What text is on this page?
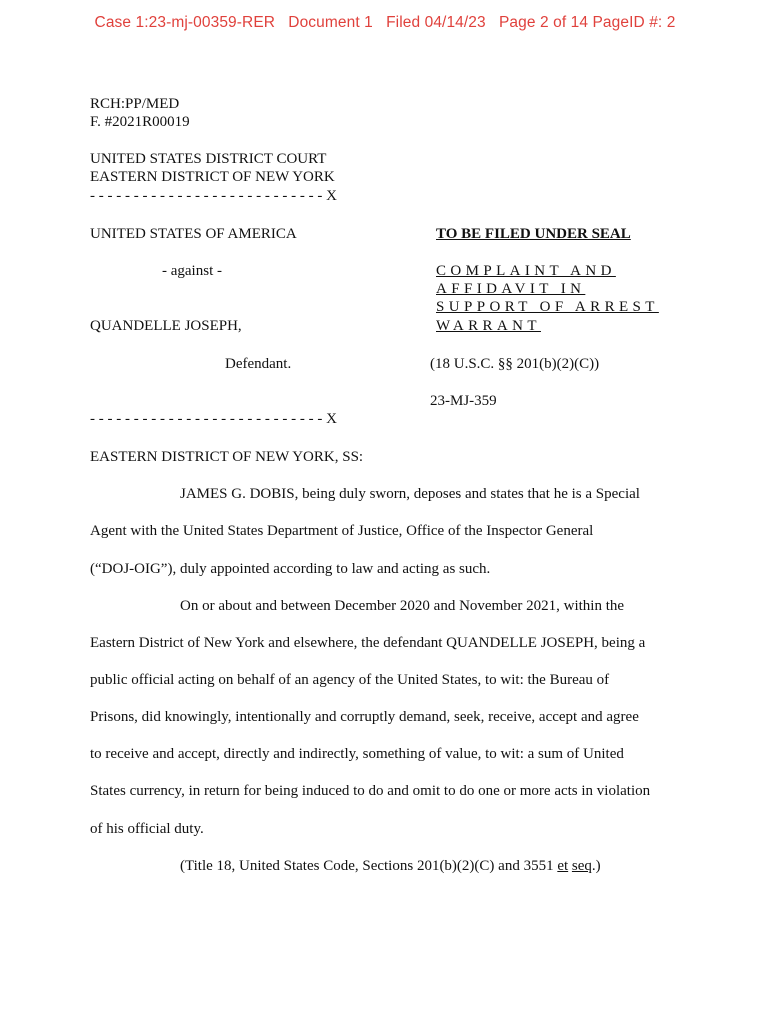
Case 1:23-mj-00359-RER Document 1 Filed 04/14/23 Page 2 of 14 PageID #: 2
RCH:PP/MED
F. #2021R00019
UNITED STATES DISTRICT COURT
EASTERN DISTRICT OF NEW YORK
- - - - - - - - - - - - - - - - - - - - - - - - - - - X
UNITED STATES OF AMERICA
- against -
QUANDELLE JOSEPH,
Defendant.
- - - - - - - - - - - - - - - - - - - - - - - - - - - X
TO BE FILED UNDER SEAL
COMPLAINT AND
AFFIDAVIT IN
SUPPORT OF ARREST
WARRANT
(18 U.S.C. §§ 201(b)(2)(C))
23-MJ-359
EASTERN DISTRICT OF NEW YORK, SS:
JAMES G. DOBIS, being duly sworn, deposes and states that he is a Special
Agent with the United States Department of Justice, Office of the Inspector General
(“DOJ-OIG”), duly appointed according to law and acting as such.
On or about and between December 2020 and November 2021, within the
Eastern District of New York and elsewhere, the defendant QUANDELLE JOSEPH, being a
public official acting on behalf of an agency of the United States, to wit: the Bureau of
Prisons, did knowingly, intentionally and corruptly demand, seek, receive, accept and agree
to receive and accept, directly and indirectly, something of value, to wit: a sum of United
States currency, in return for being induced to do and omit to do one or more acts in violation
of his official duty.
(Title 18, United States Code, Sections 201(b)(2)(C) and 3551 et seq.)
